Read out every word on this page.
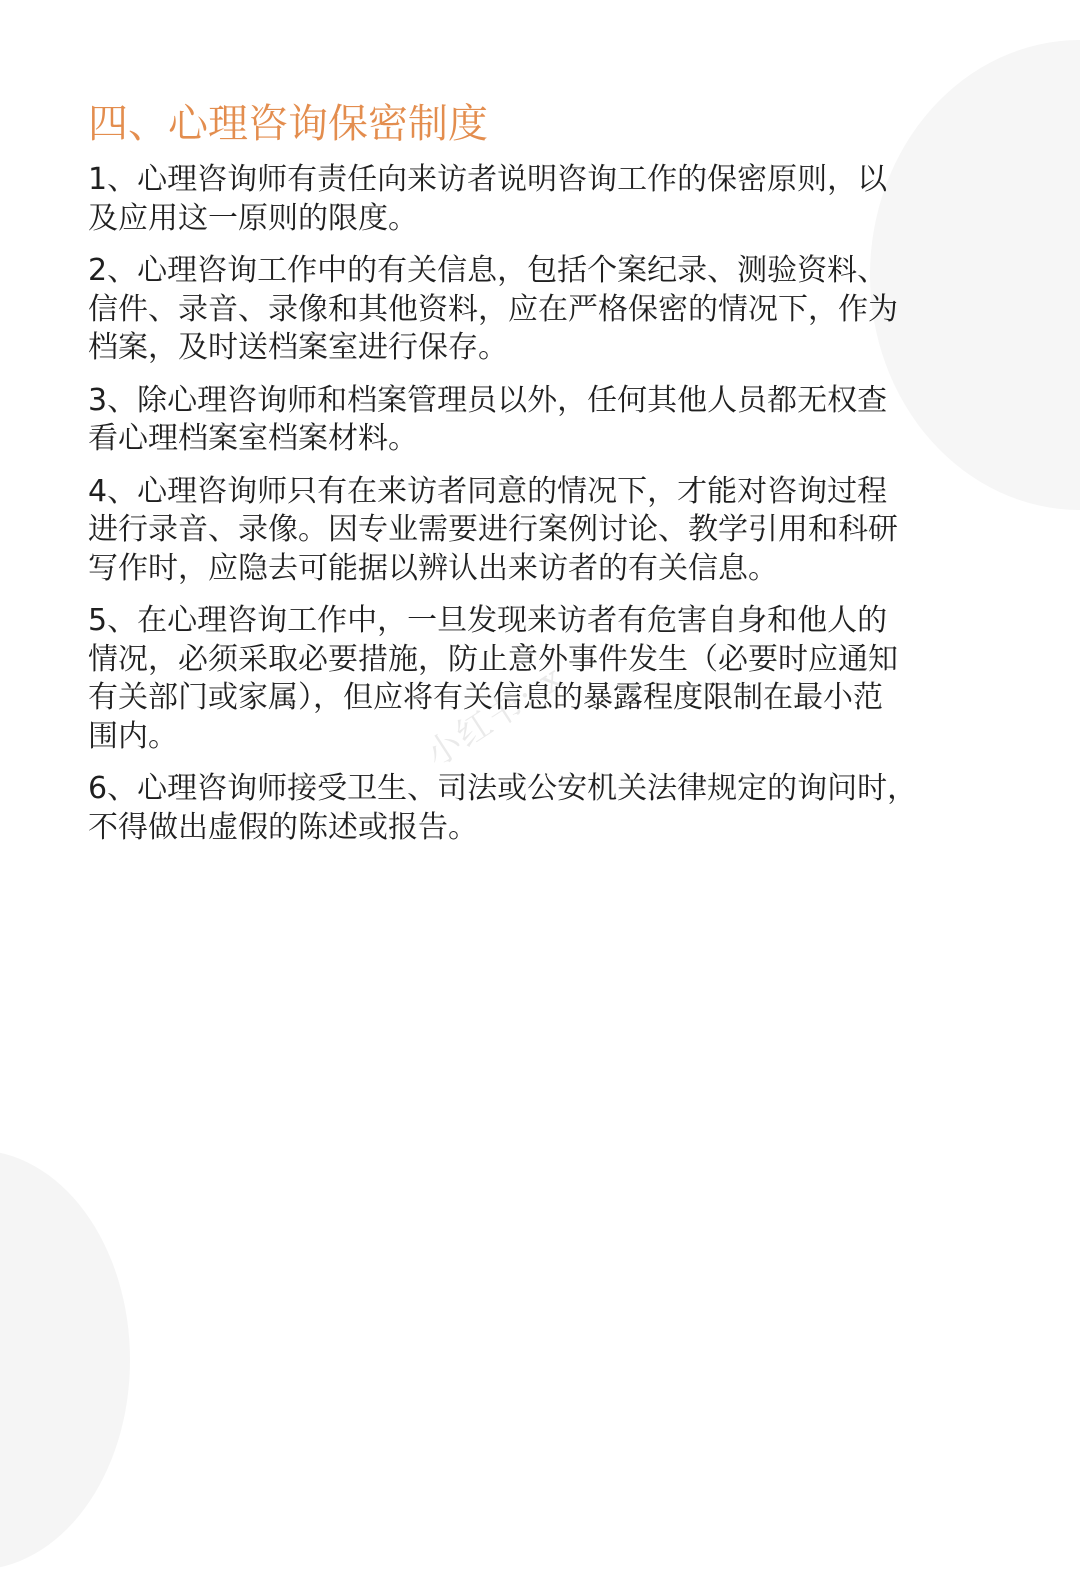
小红书: x
四、心理咨询保密制度
1、心理咨询师有责任向来访者说明咨询工作的保密原则，以
及应用这一原则的限度。
2、心理咨询工作中的有关信息，包括个案纪录、测验资料、
信件、录音、录像和其他资料，应在严格保密的情况下，作为
档案，及时送档案室进行保存。
3、除心理咨询师和档案管理员以外，任何其他人员都无权查
看心理档案室档案材料。
4、心理咨询师只有在来访者同意的情况下，才能对咨询过程
进行录音、录像。因专业需要进行案例讨论、教学引用和科研
写作时，应隐去可能据以辨认出来访者的有关信息。
5、在心理咨询工作中，一旦发现来访者有危害自身和他人的
情况，必须采取必要措施，防止意外事件发生（必要时应通知
有关部门或家属），但应将有关信息的暴露程度限制在最小范
围内。
6、心理咨询师接受卫生、司法或公安机关法律规定的询问时，
不得做出虚假的陈述或报告。
